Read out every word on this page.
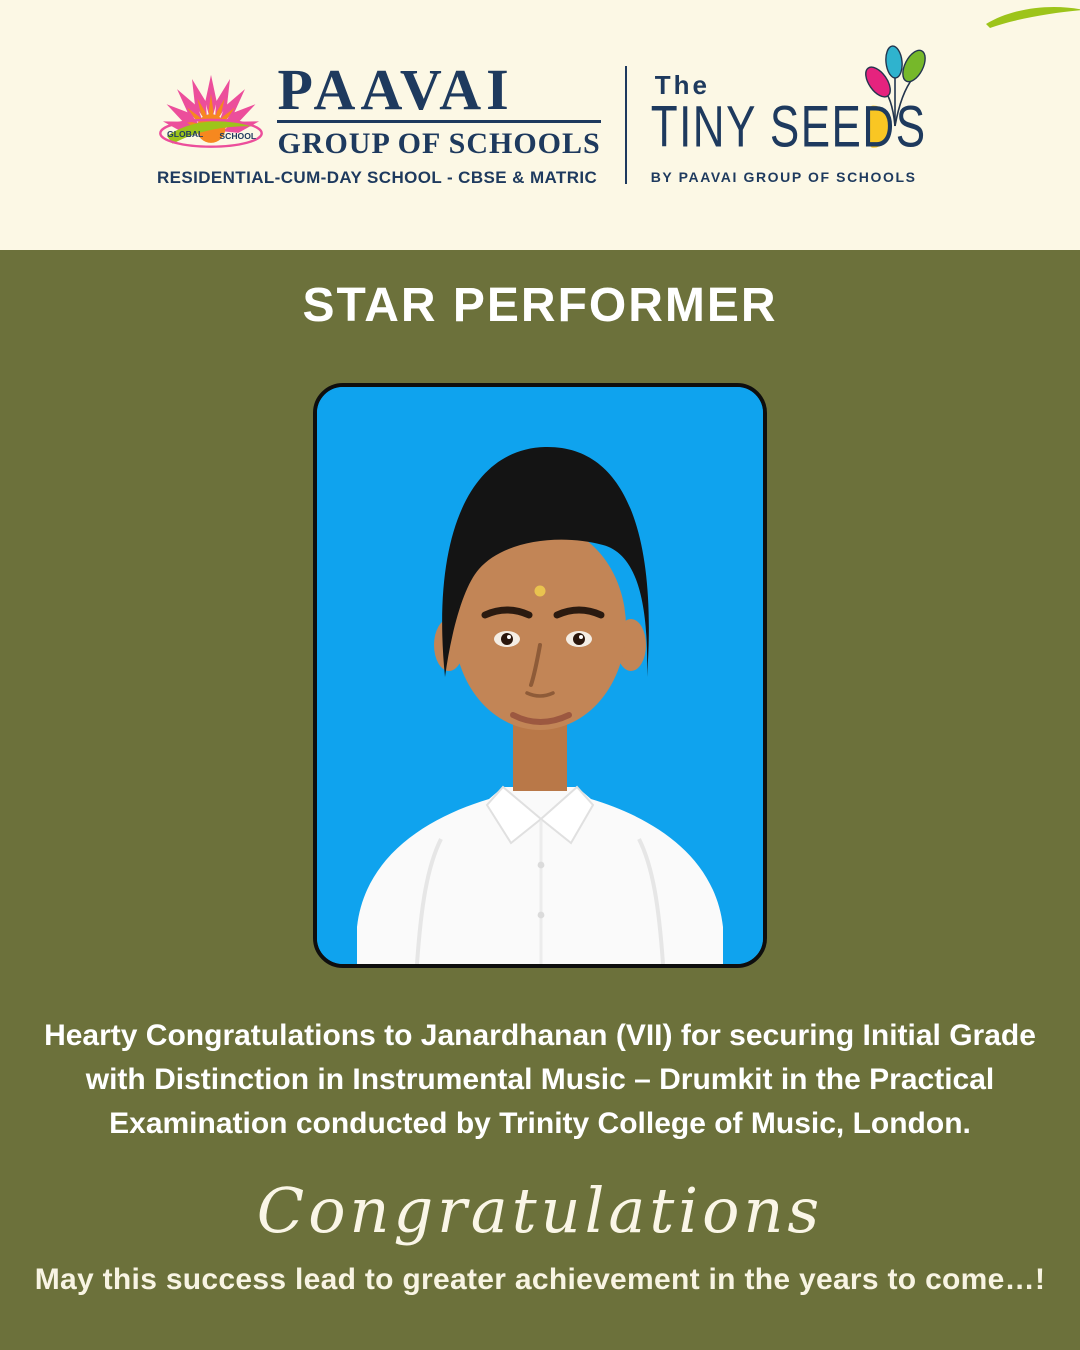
GLOBAL SCHOOL
PAAVAI
GROUP OF SCHOOLS
RESIDENTIAL-CUM-DAY SCHOOL - CBSE & MATRIC
The
TINY SEE D S
BY PAAVAI GROUP OF SCHOOLS
STAR PERFORMER
Hearty Congratulations to Janardhanan (VII) for securing Initial Grade
with Distinction in Instrumental Music – Drumkit in the Practical
Examination conducted by Trinity College of Music, London.
Congratulations
May this success lead to greater achievement in the years to come…!
